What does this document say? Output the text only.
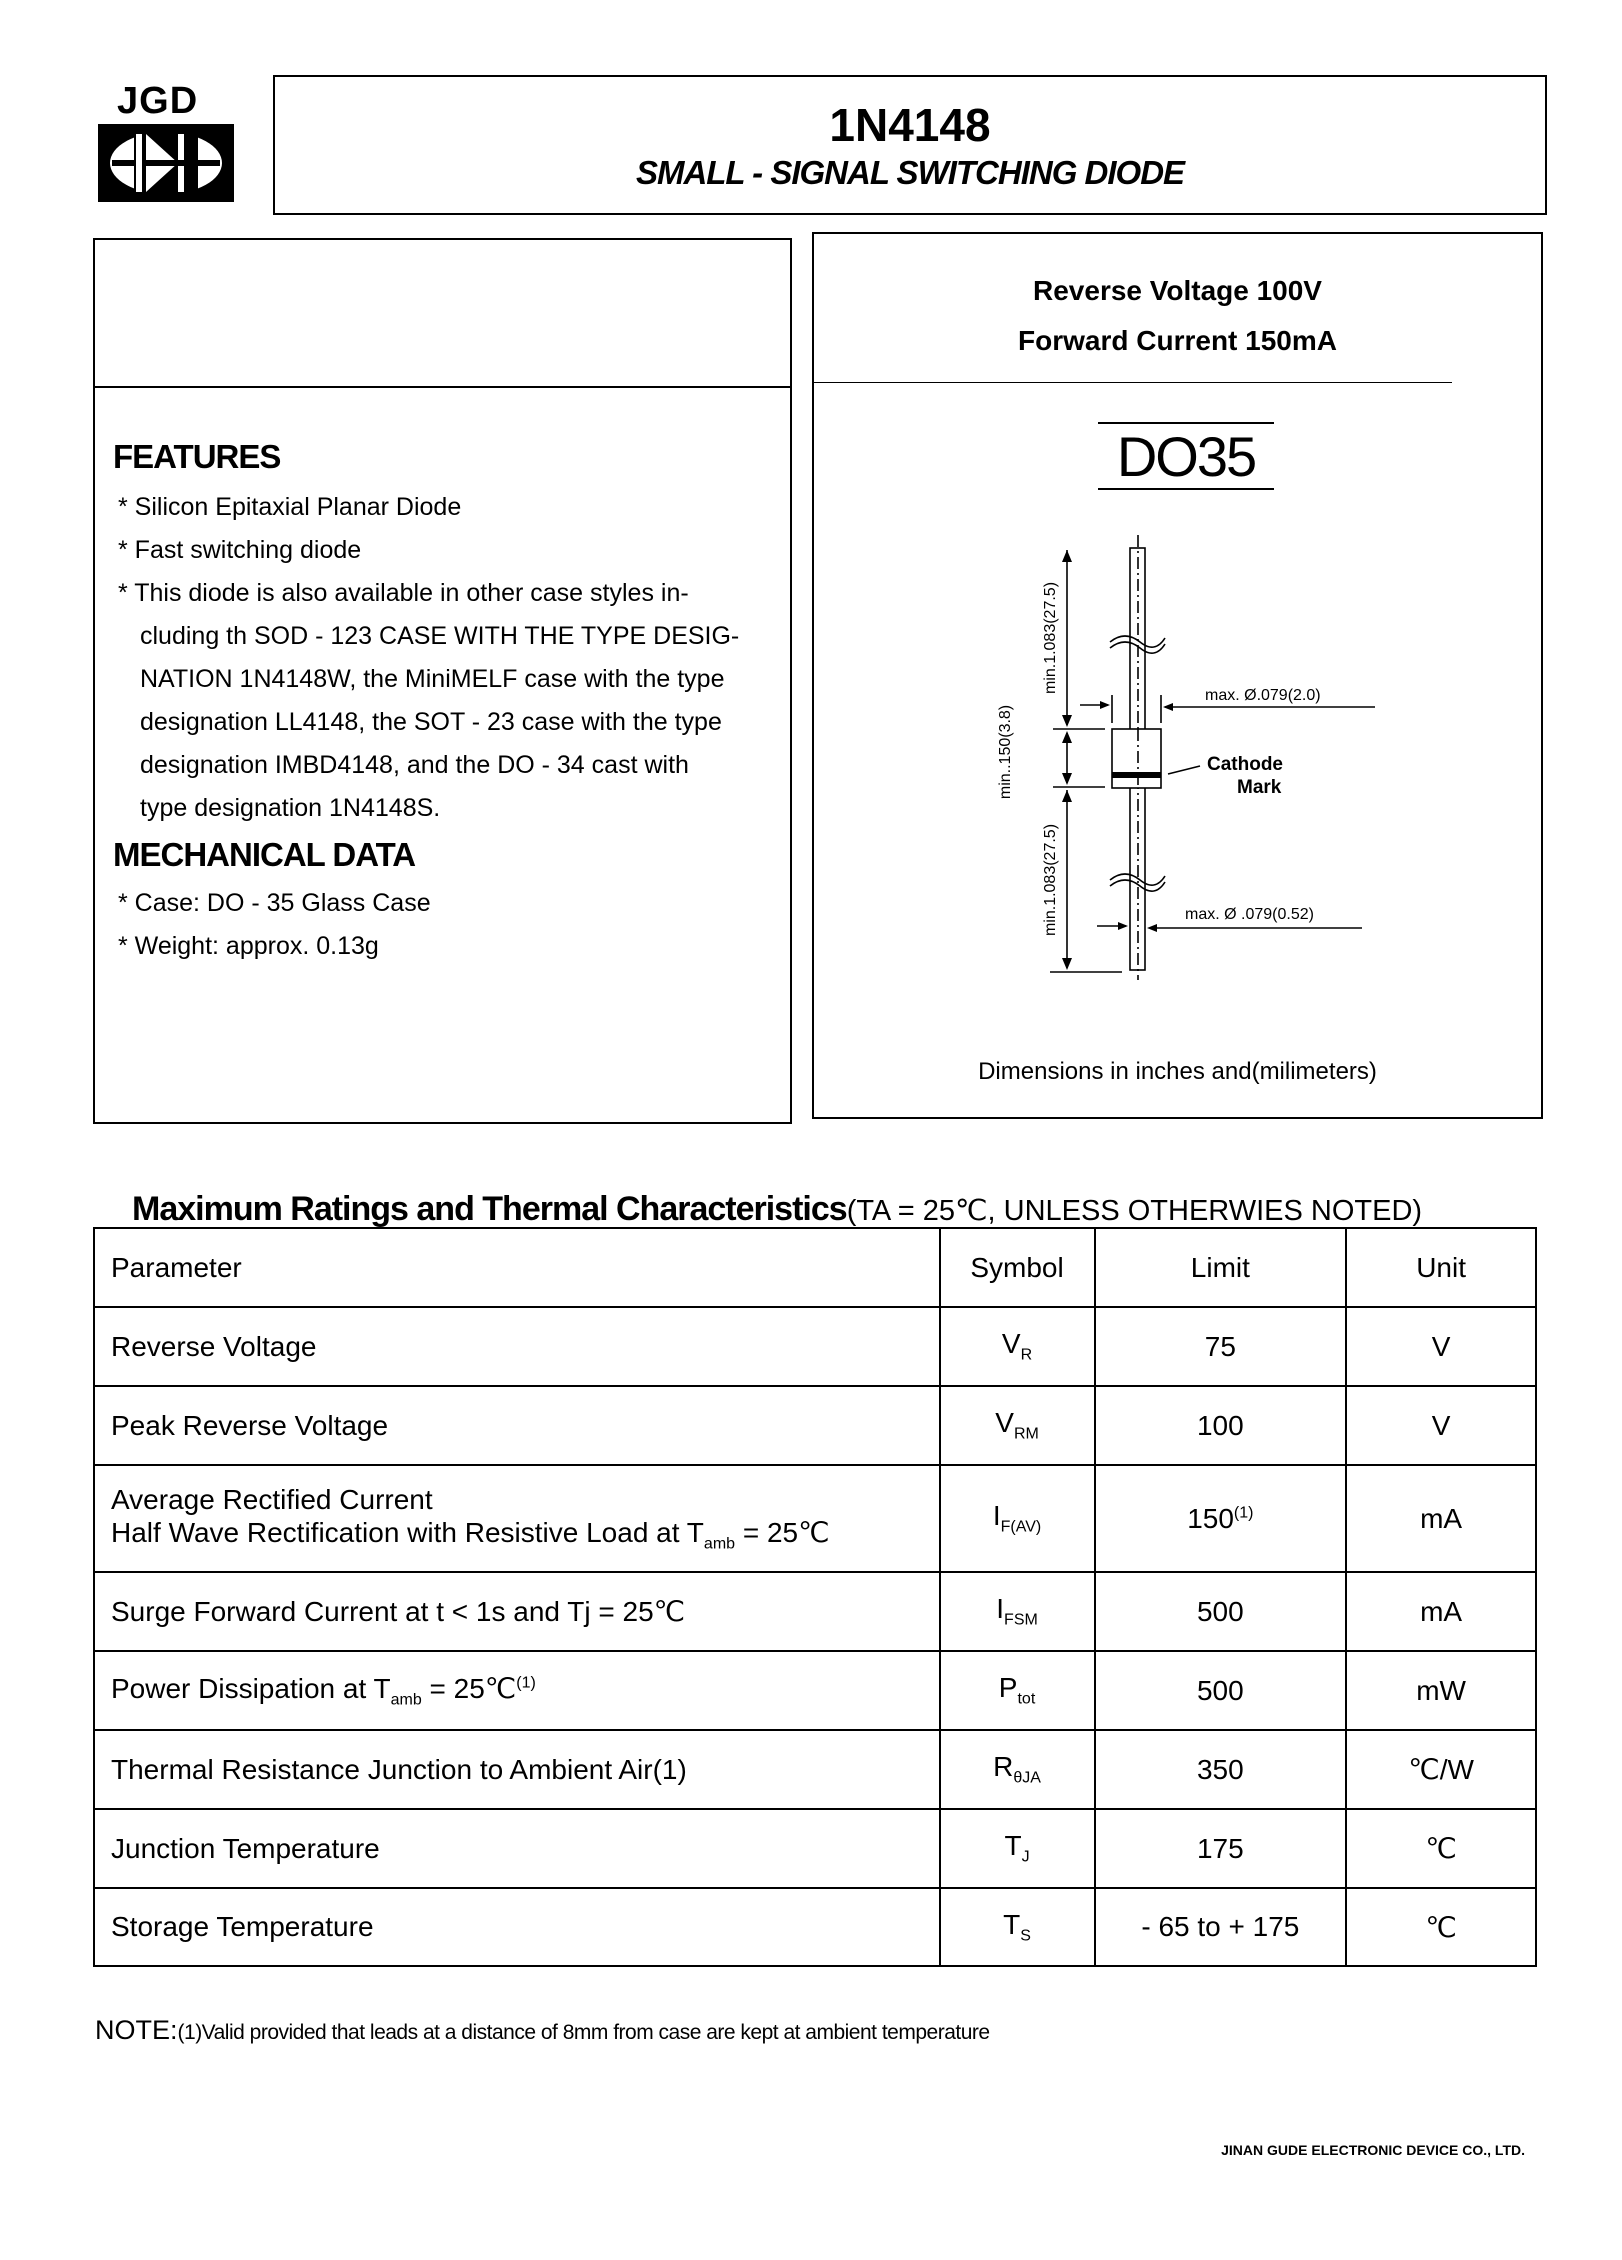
JGD	1N4148
SMALL - SIGNAL SWITCHING DIODE
FEATURES
* Silicon Epitaxial Planar Diode
* Fast switching diode
* This diode is also available in other case styles in-
cluding th SOD - 123 CASE WITH THE TYPE DESIG-
NATION 1N4148W, the MiniMELF case with the type
designation LL4148, the SOT - 23 case with the type
designation IMBD4148, and the DO - 34 cast with
type designation 1N4148S.
MECHANICAL DATA
* Case: DO - 35 Glass Case
* Weight: approx. 0.13g
Reverse Voltage 100V
Forward Current 150mA
DO35
max. Ø.079(2.0)
max. Ø .079(0.52)
Cathode
Mark
min.1.083(27.5)
min..150(3.8)
min.1.083(27.5)
Dimensions in inches and(milimeters)
Maximum Ratings and Thermal Characteristics(TA = 25℃, UNLESS OTHERWIES NOTED)
Parameter	Symbol	Limit	Unit
Reverse Voltage	$V_R$	75	V
Peak Reverse Voltage	$V_{RM}$	100	V

Average Rectified Current
Half Wave Rectification with Resistive Load at $T_{amb}$ = 25℃	$I_{F(AV)}$	150$^{(1)}$	mA
Surge Forward Current at t < 1s and Tj = 25℃	$I_{FSM}$	500	mA
Power Dissipation at $T_{amb}$ = 25℃$^{(1)}$	$P_{tot}$	500	mW
Thermal Resistance Junction to Ambient Air(1)	$R_{\theta JA}$	350	℃/W
Junction Temperature	$T_J$	175	℃
Storage Temperature	$T_S$	- 65 to + 175	℃
NOTE:(1)Valid provided that leads at a distance of 8mm from case are kept at ambient temperature
JINAN GUDE ELECTRONIC DEVICE CO., LTD.
